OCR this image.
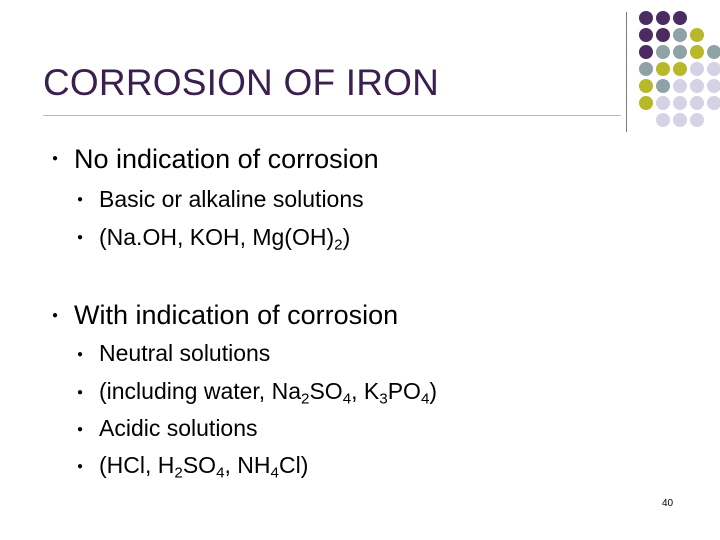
CORROSION OF IRON
● No indication of corrosion
● Basic or alkaline solutions
● (Na.OH, KOH, $Mg(OH)_2$)
● With indication of corrosion
● Neutral solutions
● (including water, $Na_2SO_4$, $K_3PO_4$)
● Acidic solutions
● (HCl, $H_2SO_4$, $NH_4Cl$)
40
